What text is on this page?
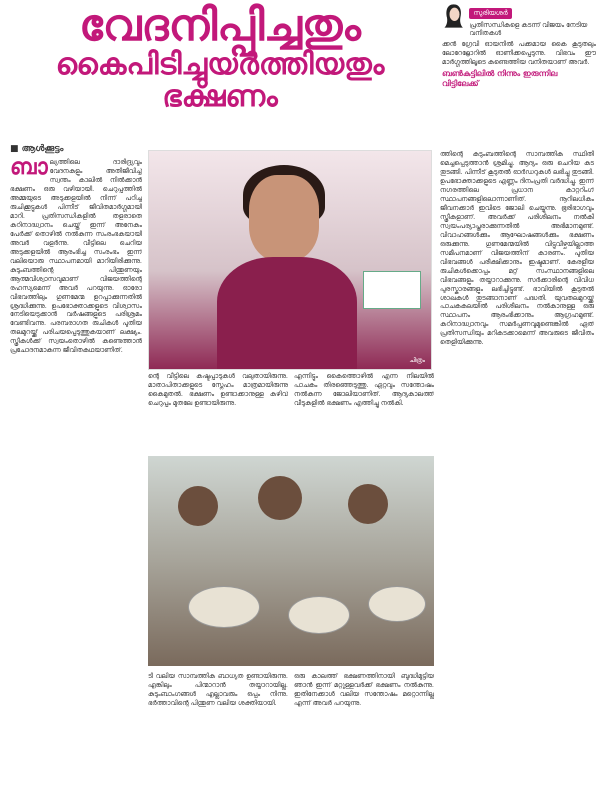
വേദനിപ്പിച്ചതും
കൈപിടിച്ചുയർത്തിയതും
ഭക്ഷണം
■ ആൾക്കൂട്ടം
സുരിയശർ
പ്രതിസന്ധികളെ കടന്ന് വിജയം നേടിയ വനിതകൾ
ക്കൻ ഗ്രേവി ഓയനിൽ പക്കമായ കൈ കൂടുതലും ലോറേറ്റ്ലോറിൽ ഓണിക്കപ്പെടുന്നു. വിഭവം ഈ മാർഗ്ഗത്തിലൂടെ കണ്ടെത്തിയ വനിതയാണ് അവർ.
ബൺകുട്ടിലിൽ നിന്നും ഇരുന്നില വിട്ടിലേക്ക്
ബാ ല്യത്തിലെ ദാരിദ്ര്യവും വേദനകളും അതിജീവിച്ച് സ്വന്തം കാലിൽ നിൽക്കാൻ ഭക്ഷണം ഒരു വഴിയായി. ചെറുപ്പത്തിൽ അമ്മയുടെ അടുക്കളയിൽ നിന്ന് പഠിച്ച രുചിക്കൂട്ടുകൾ പിന്നീട് ജീവിതമാർഗ്ഗമായി മാറി. പ്രതിസന്ധികളിൽ തളരാതെ കഠിനാദ്ധ്വാനം ചെയ്ത് ഇന്ന് അനേകം പേർക്ക് തൊഴിൽ നൽകുന്ന സംരംഭകയായി അവർ വളർന്നു. വീട്ടിലെ ചെറിയ അടുക്കളയിൽ ആരംഭിച്ച സംരംഭം ഇന്ന് വലിയൊരു സ്ഥാപനമായി മാറിയിരിക്കുന്നു. കുടുംബത്തിന്റെ പിന്തുണയും ആത്മവിശ്വാസവുമാണ് വിജയത്തിന്റെ രഹസ്യമെന്ന് അവർ പറയുന്നു. ഓരോ വിഭവത്തിലും ഗുണമേന്മ ഉറപ്പാക്കുന്നതിൽ ശ്രദ്ധിക്കുന്നു. ഉപഭോക്താക്കളുടെ വിശ്വാസം നേടിയെടുക്കാൻ വർഷങ്ങളുടെ പരിശ്രമം വേണ്ടിവന്നു. പരമ്പരാഗത രുചികൾ പുതിയ തലമുറയ്ക്ക് പരിചയപ്പെടുത്തുകയാണ് ലക്ഷ്യം. സ്ത്രീകൾക്ക് സ്വയംതൊഴിൽ കണ്ടെത്താൻ പ്രചോദനമാകുന്ന ജീവിതകഥയാണിത്.
ചിത്രം
ന്റെ വീട്ടിലെ കഷ്ടപ്പാടുകൾ വലുതായിരുന്നു. മാതാപിതാക്കളുടെ സ്നേഹം മാത്രമായിരുന്നു കൈമുതൽ. ഭക്ഷണം ഉണ്ടാക്കാനുള്ള കഴിവ് ചെറുപ്പം മുതലേ ഉണ്ടായിരുന്നു.
എന്നിട്ടും കൈത്തൊഴിൽ എന്ന നിലയിൽ പാചകം തിരഞ്ഞെടുത്തു. ഏറ്റവും സന്തോഷം നൽകുന്ന ജോലിയാണിത്. ആദ്യകാലത്ത് വീടുകളിൽ ഭക്ഷണം എത്തിച്ചു നൽകി.
ത്തിന്റെ കുടുംബത്തിന്റെ സാമ്പത്തിക സ്ഥിതി മെച്ചപ്പെടുത്താൻ ശ്രമിച്ചു. ആദ്യം ഒരു ചെറിയ കട തുടങ്ങി. പിന്നീട് കൂടുതൽ ഓർഡറുകൾ ലഭിച്ചു തുടങ്ങി. ഉപഭോക്താക്കളുടെ എണ്ണം ദിനംപ്രതി വർദ്ധിച്ചു. ഇന്ന് നഗരത്തിലെ പ്രധാന കാറ്ററിംഗ് സ്ഥാപനങ്ങളിലൊന്നാണിത്. നൂറിലധികം ജീവനക്കാർ ഇവിടെ ജോലി ചെയ്യുന്നു. ഭൂരിഭാഗവും സ്ത്രീകളാണ്. അവർക്ക് പരിശീലനം നൽകി സ്വയംപര്യാപ്തരാക്കുന്നതിൽ അഭിമാനമുണ്ട്. വിവാഹങ്ങൾക്കും ആഘോഷങ്ങൾക്കും ഭക്ഷണം ഒരുക്കുന്നു. ഗുണമേന്മയിൽ വിട്ടുവീഴ്ചയില്ലാത്ത സമീപനമാണ് വിജയത്തിന് കാരണം. പുതിയ വിഭവങ്ങൾ പരീക്ഷിക്കാനും ഇഷ്ടമാണ്. കേരളീയ രുചികൾക്കൊപ്പം മറ്റ് സംസ്ഥാനങ്ങളിലെ വിഭവങ്ങളും തയ്യാറാക്കുന്നു. സർക്കാരിന്റെ വിവിധ പുരസ്കാരങ്ങളും ലഭിച്ചിട്ടുണ്ട്. ഭാവിയിൽ കൂടുതൽ ശാഖകൾ തുടങ്ങാനാണ് പദ്ധതി. യുവതലമുറയ്ക്ക് പാചകകലയിൽ പരിശീലനം നൽകാനുള്ള ഒരു സ്ഥാപനം ആരംഭിക്കാനും ആഗ്രഹമുണ്ട്. കഠിനാദ്ധ്വാനവും സമർപ്പണവുമുണ്ടെങ്കിൽ ഏത് പ്രതിസന്ധിയും മറികടക്കാമെന്ന് അവരുടെ ജീവിതം തെളിയിക്കുന്നു.
ടി വലിയ സാമ്പത്തിക ബാധ്യത ഉണ്ടായിരുന്നു. എങ്കിലും പിന്മാറാൻ തയ്യാറായില്ല. കുടുംബാംഗങ്ങൾ എല്ലാവരും ഒപ്പം നിന്നു. ഭർത്താവിന്റെ പിന്തുണ വലിയ ശക്തിയായി.
ഒരു കാലത്ത് ഭക്ഷണത്തിനായി ബുദ്ധിമുട്ടിയ ഞാൻ ഇന്ന് മറ്റുള്ളവർക്ക് ഭക്ഷണം നൽകുന്നു. ഇതിനേക്കാൾ വലിയ സന്തോഷം മറ്റൊന്നില്ല എന്ന് അവർ പറയുന്നു.
